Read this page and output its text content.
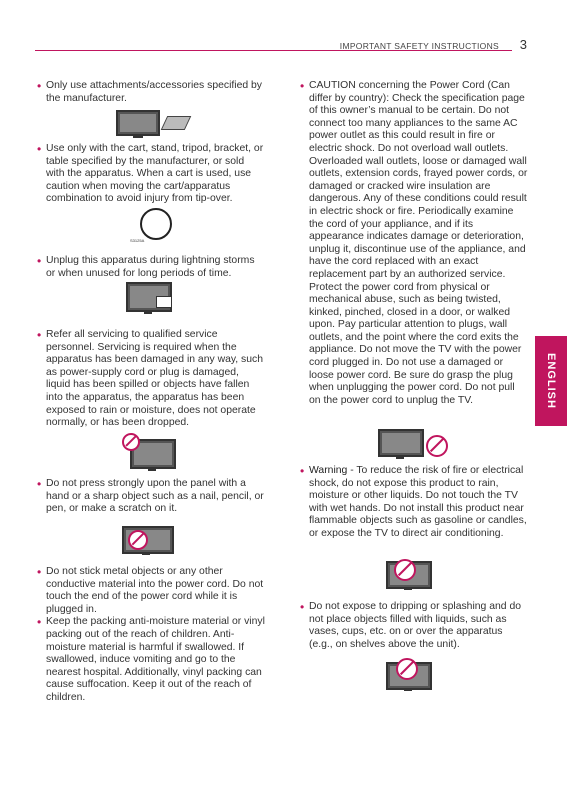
IMPORTANT SAFETY INSTRUCTIONS 3
ENGLISH

• Only use attachments/accessories specified by the manufacturer.

• Use only with the cart, stand, tripod, bracket, or table specified by the manufacturer, or sold with the apparatus. When a cart is used, use caution when moving the cart/apparatus combination to avoid injury from tip-over.

S3125A

• Unplug this apparatus during lightning storms or when unused for long periods of time.

• Refer all servicing to qualified service personnel. Servicing is required when the apparatus has been damaged in any way, such as power-supply cord or plug is damaged, liquid has been spilled or objects have fallen into the apparatus, the apparatus has been exposed to rain or moisture, does not operate normally, or has been dropped.

• Do not press strongly upon the panel with a hand or a sharp object such as a nail, pencil, or pen, or make a scratch on it.

• Do not stick metal objects or any other conductive material into the power cord. Do not touch the end of the power cord while it is plugged in.

• Keep the packing anti-moisture material or vinyl packing out of the reach of children. Anti-moisture material is harmful if swallowed. If swallowed, induce vomiting and go to the nearest hospital. Additionally, vinyl packing can cause suffocation. Keep it out of the reach of children.

• CAUTION concerning the Power Cord (Can differ by country): Check the specification page of this owner’s manual to be certain. Do not connect too many appliances to the same AC power outlet as this could result in fire or electric shock. Do not overload wall outlets. Overloaded wall outlets, loose or damaged wall outlets, extension cords, frayed power cords, or damaged or cracked wire insulation are dangerous. Any of these conditions could result in electric shock or fire. Periodically examine the cord of your appliance, and if its appearance indicates damage or deterioration, unplug it, discontinue use of the appliance, and have the cord replaced with an exact replacement part by an authorized service. Protect the power cord from physical or mechanical abuse, such as being twisted, kinked, pinched, closed in a door, or walked upon. Pay particular attention to plugs, wall outlets, and the point where the cord exits the appliance. Do not move the TV with the power cord plugged in. Do not use a damaged or loose power cord. Be sure do grasp the plug when unplugging the power cord. Do not pull on the power cord to unplug the TV.

• Warning - To reduce the risk of fire or electrical shock, do not expose this product to rain, moisture or other liquids. Do not touch the TV with wet hands. Do not install this product near flammable objects such as gasoline or candles, or expose the TV to direct air conditioning.

• Do not expose to dripping or splashing and do not place objects filled with liquids, such as vases, cups, etc. on or over the apparatus (e.g., on shelves above the unit).
